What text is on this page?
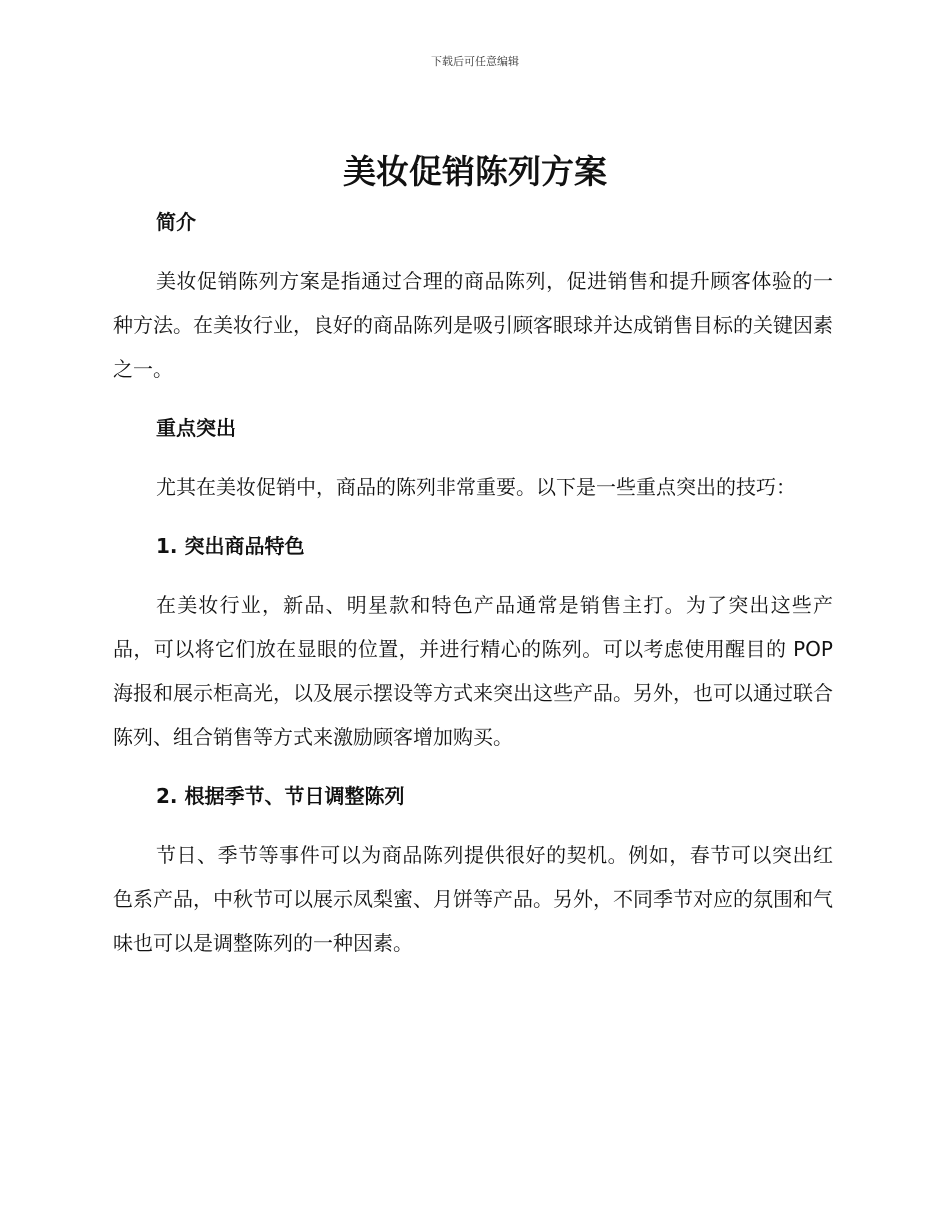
下载后可任意编辑
美妆促销陈列方案
简介

美妆促销陈列方案是指通过合理的商品陈列，促进销售和提升顾客体验的一种方法。在美妆行业，良好的商品陈列是吸引顾客眼球并达成销售目标的关键因素之一。

重点突出

尤其在美妆促销中，商品的陈列非常重要。以下是一些重点突出的技巧：

1. 突出商品特色

在美妆行业，新品、明星款和特色产品通常是销售主打。为了突出这些产品，可以将它们放在显眼的位置，并进行精心的陈列。可以考虑使用醒目的 POP 海报和展示柜高光，以及展示摆设等方式来突出这些产品。另外，也可以通过联合陈列、组合销售等方式来激励顾客增加购买。

2. 根据季节、节日调整陈列

节日、季节等事件可以为商品陈列提供很好的契机。例如，春节可以突出红色系产品，中秋节可以展示凤梨蜜、月饼等产品。另外，不同季节对应的氛围和气味也可以是调整陈列的一种因素。
